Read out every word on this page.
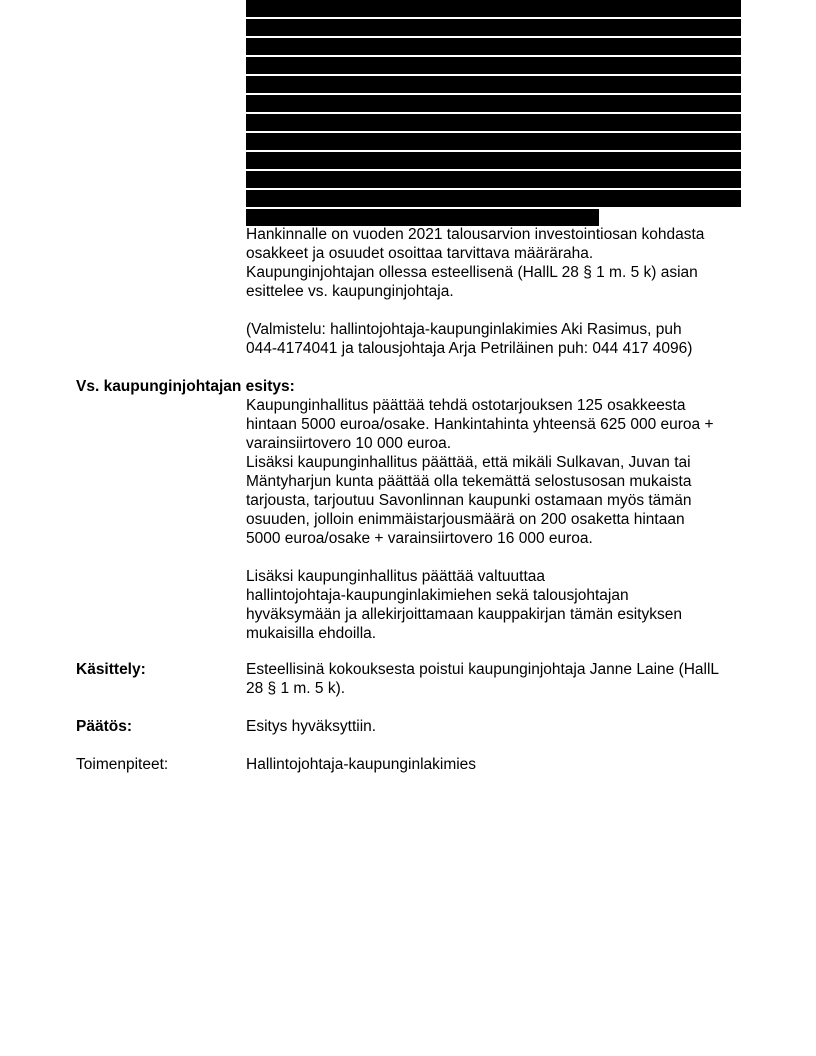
Hankinnalle on vuoden 2021 talousarvion investointiosan kohdasta

osakkeet ja osuudet osoittaa tarvittava määräraha.

Kaupunginjohtajan ollessa esteellisenä (HallL 28 § 1 m. 5 k) asian

esittelee vs. kaupunginjohtaja.

(Valmistelu: hallintojohtaja-kaupunginlakimies Aki Rasimus, puh

044-4174041 ja talousjohtaja Arja Petriläinen puh: 044 417 4096)

Vs. kaupunginjohtajan esitys:

Kaupunginhallitus päättää tehdä ostotarjouksen 125 osakkeesta

hintaan 5000 euroa/osake. Hankintahinta yhteensä 625 000 euroa +

varainsiirtovero 10 000 euroa.

Lisäksi kaupunginhallitus päättää, että mikäli Sulkavan, Juvan tai

Mäntyharjun kunta päättää olla tekemättä selostusosan mukaista

tarjousta, tarjoutuu Savonlinnan kaupunki ostamaan myös tämän

osuuden, jolloin enimmäistarjousmäärä on 200 osaketta hintaan

5000 euroa/osake + varainsiirtovero 16 000 euroa.

Lisäksi kaupunginhallitus päättää valtuuttaa

hallintojohtaja-kaupunginlakimiehen sekä talousjohtajan

hyväksymään ja allekirjoittamaan kauppakirjan tämän esityksen

mukaisilla ehdoilla.

Käsittely:	Esteellisinä kokouksesta poistui kaupunginjohtaja Janne Laine (HallL

28 § 1 m. 5 k).

Päätös:	Esitys hyväksyttiin.

Toimenpiteet:	Hallintojohtaja-kaupunginlakimies
